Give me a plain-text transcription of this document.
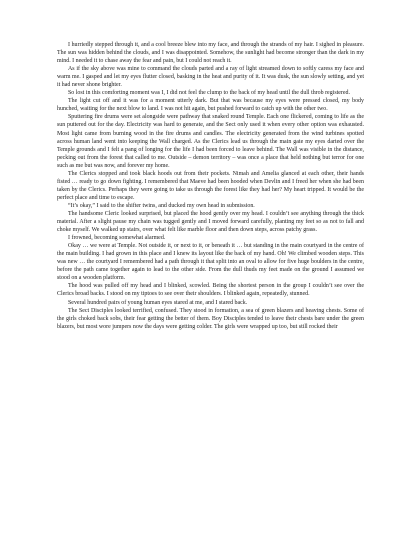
I hurriedly stepped through it, and a cool breeze blew into my face, and through the strands of my hair. I sighed in pleasure. The sun was hidden behind the clouds, and I was disappointed. Somehow, the sunlight had become stronger than the dark in my mind. I needed it to chase away the fear and pain, but I could not reach it.

As if the sky above was mine to command the clouds parted and a ray of light streamed down to softly caress my face and warm me. I gasped and let my eyes flutter closed, basking in the heat and purity of it. It was dusk, the sun slowly setting, and yet it had never shone brighter.

So lost in this comforting moment was I, I did not feel the clump to the back of my head until the dull throb registered.

The light cut off and it was for a moment utterly dark. But that was because my eyes were pressed closed, my body hunched, waiting for the next blow to land. I was not hit again, but pushed forward to catch up with the other two.

Sputtering fire drums were set alongside were pathway that snaked round Temple. Each one flickered, coming to life as the sun puttered out for the day. Electricity was hard to generate, and the Sect only used it when every other option was exhausted. Most light came from burning wood in the fire drums and candles. The electricity generated from the wind turbines spotted across human land went into keeping the Wall charged. As the Clerics lead us through the main gate my eyes darted over the Temple grounds and I felt a pang of longing for the life I had been forced to leave behind. The Wall was visible in the distance, pecking out from the forest that called to me. Outside – demon territory – was once a place that held nothing but terror for one such as me but was now, and forever my home.

The Clerics stopped and took black hoods out from their pockets. Nimah and Amelia glanced at each other, their hands fisted … ready to go down fighting. I remembered that Maeve had been hooded when Devlin and I freed her when she had been taken by the Clerics. Perhaps they were going to take us through the forest like they had her? My heart tripped. It would be the perfect place and time to escape.

“It’s okay,” I said to the shifter twins, and ducked my own head in submission.

The handsome Cleric looked surprised, but placed the hood gently over my head. I couldn’t see anything through the thick material. After a slight pause my chain was tugged gently and I moved forward carefully, planting my feet so as not to fall and choke myself. We walked up stairs, over what felt like marble floor and then down steps, across patchy grass.

I frowned, becoming somewhat alarmed.

Okay … we were at Temple. Not outside it, or next to it, or beneath it … but standing in the main courtyard in the centre of the main building. I had grown in this place and I knew its layout like the back of my hand. Oh! We climbed wooden steps. This was new … the courtyard I remembered had a path through it that split into an oval to allow for five huge boulders in the centre, before the path came together again to lead to the other side. From the dull thuds my feet made on the ground I assumed we stood on a wooden platform.

The hood was pulled off my head and I blinked, scowled. Being the shortest person in the group I couldn’t see over the Clerics broad backs. I stood on my tiptoes to see over their shoulders. I blinked again, repeatedly, stunned.

Several hundred pairs of young human eyes stared at me, and I stared back.

The Sect Disciples looked terrified, confused. They stood in formation, a sea of green blazers and heaving chests. Some of the girls choked back sobs, their fear getting the better of them. Boy Disciples tended to leave their chests bare under the green blazers, but most wore jumpers now the days were getting colder. The girls were wrapped up too, but still rocked their
